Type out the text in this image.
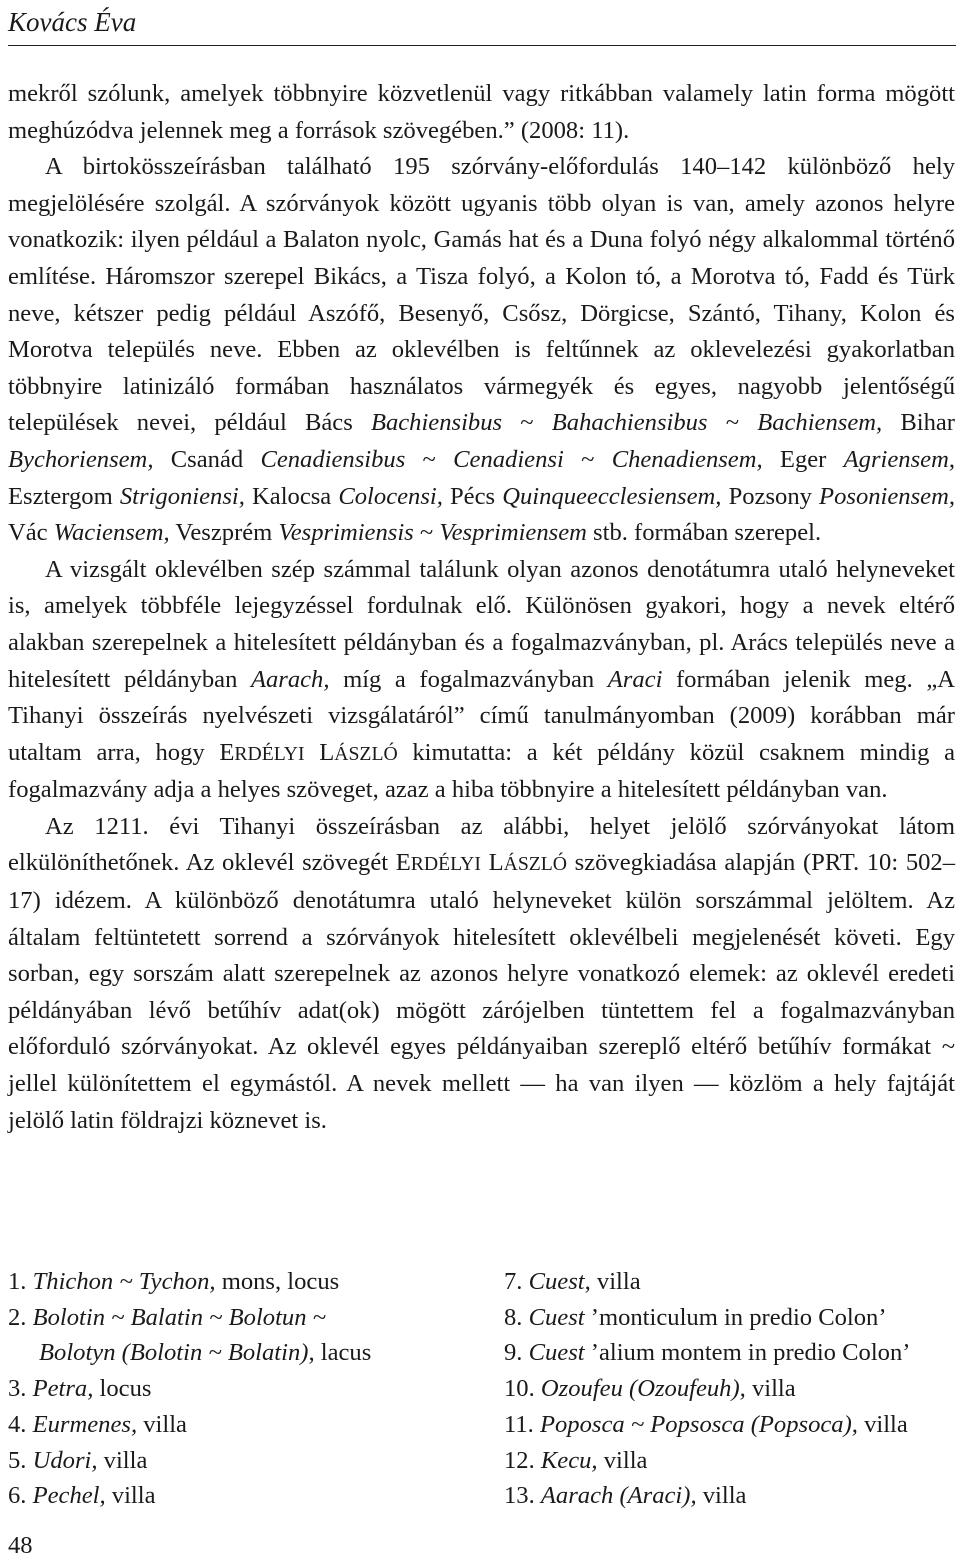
Kovács Éva

mekről szólunk, amelyek többnyire közvetlenül vagy ritkábban valamely latin forma mögött meghúzódva jelennek meg a források szövegében.” (2008: 11).

A birtokösszeírásban található 195 szórvány-előfordulás 140–142 különböző hely megjelölésére szolgál. A szórványok között ugyanis több olyan is van, amely azonos helyre vonatkozik: ilyen például a Balaton nyolc, Gamás hat és a Duna folyó négy alkalommal történő említése. Háromszor szerepel Bikács, a Tisza folyó, a Kolon tó, a Morotva tó, Fadd és Türk neve, kétszer pedig például Aszófő, Besenyő, Csősz, Dörgicse, Szántó, Tihany, Kolon és Morotva település neve. Ebben az oklevélben is feltűnnek az oklevelezési gyakorlatban többnyire latinizáló formában használatos vármegyék és egyes, nagyobb jelentőségű települések nevei, például Bács Bachiensibus ~ Bahachiensibus ~ Bachiensem, Bihar Bychoriensem, Csanád Cenadiensibus ~ Cenadiensi ~ Chenadiensem, Eger Agriensem, Esztergom Strigoniensi, Kalocsa Colocensi, Pécs Quinqueecclesiensem, Pozsony Posoniensem, Vác Waciensem, Veszprém Vesprimiensis ~ Vesprimiensem stb. formában szerepel.

A vizsgált oklevélben szép számmal találunk olyan azonos denotátumra utaló helyneveket is, amelyek többféle lejegyzéssel fordulnak elő. Különösen gyakori, hogy a nevek eltérő alakban szerepelnek a hitelesített példányban és a fogalmazványban, pl. Arács település neve a hitelesített példányban Aarach, míg a fogalmazványban Araci formában jelenik meg. „A Tihanyi összeírás nyelvészeti vizsgálatáról” című tanulmányomban (2009) korábban már utaltam arra, hogy ERDÉLYI LÁSZLÓ kimutatta: a két példány közül csaknem mindig a fogalmazvány adja a helyes szöveget, azaz a hiba többnyire a hitelesített példányban van.

Az 1211. évi Tihanyi összeírásban az alábbi, helyet jelölő szórványokat látom elkülöníthetőnek. Az oklevél szövegét ERDÉLYI LÁSZLÓ szövegkiadása alapján (PRT. 10: 502–17) idézem. A különböző denotátumra utaló helyneveket külön sorszámmal jelöltem. Az általam feltüntetett sorrend a szórványok hitelesített oklevélbeli megjelenését követi. Egy sorban, egy sorszám alatt szerepelnek az azonos helyre vonatkozó elemek: az oklevél eredeti példányában lévő betűhív adat(ok) mögött zárójelben tüntettem fel a fogalmazványban előforduló szórványokat. Az oklevél egyes példányaiban szereplő eltérő betűhív formákat ~ jellel különítettem el egymástól. A nevek mellett — ha van ilyen — közlöm a hely fajtáját jelölő latin földrajzi köznevet is.

1. Thichon ~ Tychon, mons, locus
2. Bolotin ~ Balatin ~ Bolotun ~
Bolotyn (Bolotin ~ Bolatin), lacus
3. Petra, locus
4. Eurmenes, villa
5. Udori, villa
6. Pechel, villa
7. Cuest, villa
8. Cuest ’monticulum in predio Colon’
9. Cuest ’alium montem in predio Colon’
10. Ozoufeu (Ozoufeuh), villa
11. Poposca ~ Popsosca (Popsoca), villa
12. Kecu, villa
13. Aarach (Araci), villa
48
